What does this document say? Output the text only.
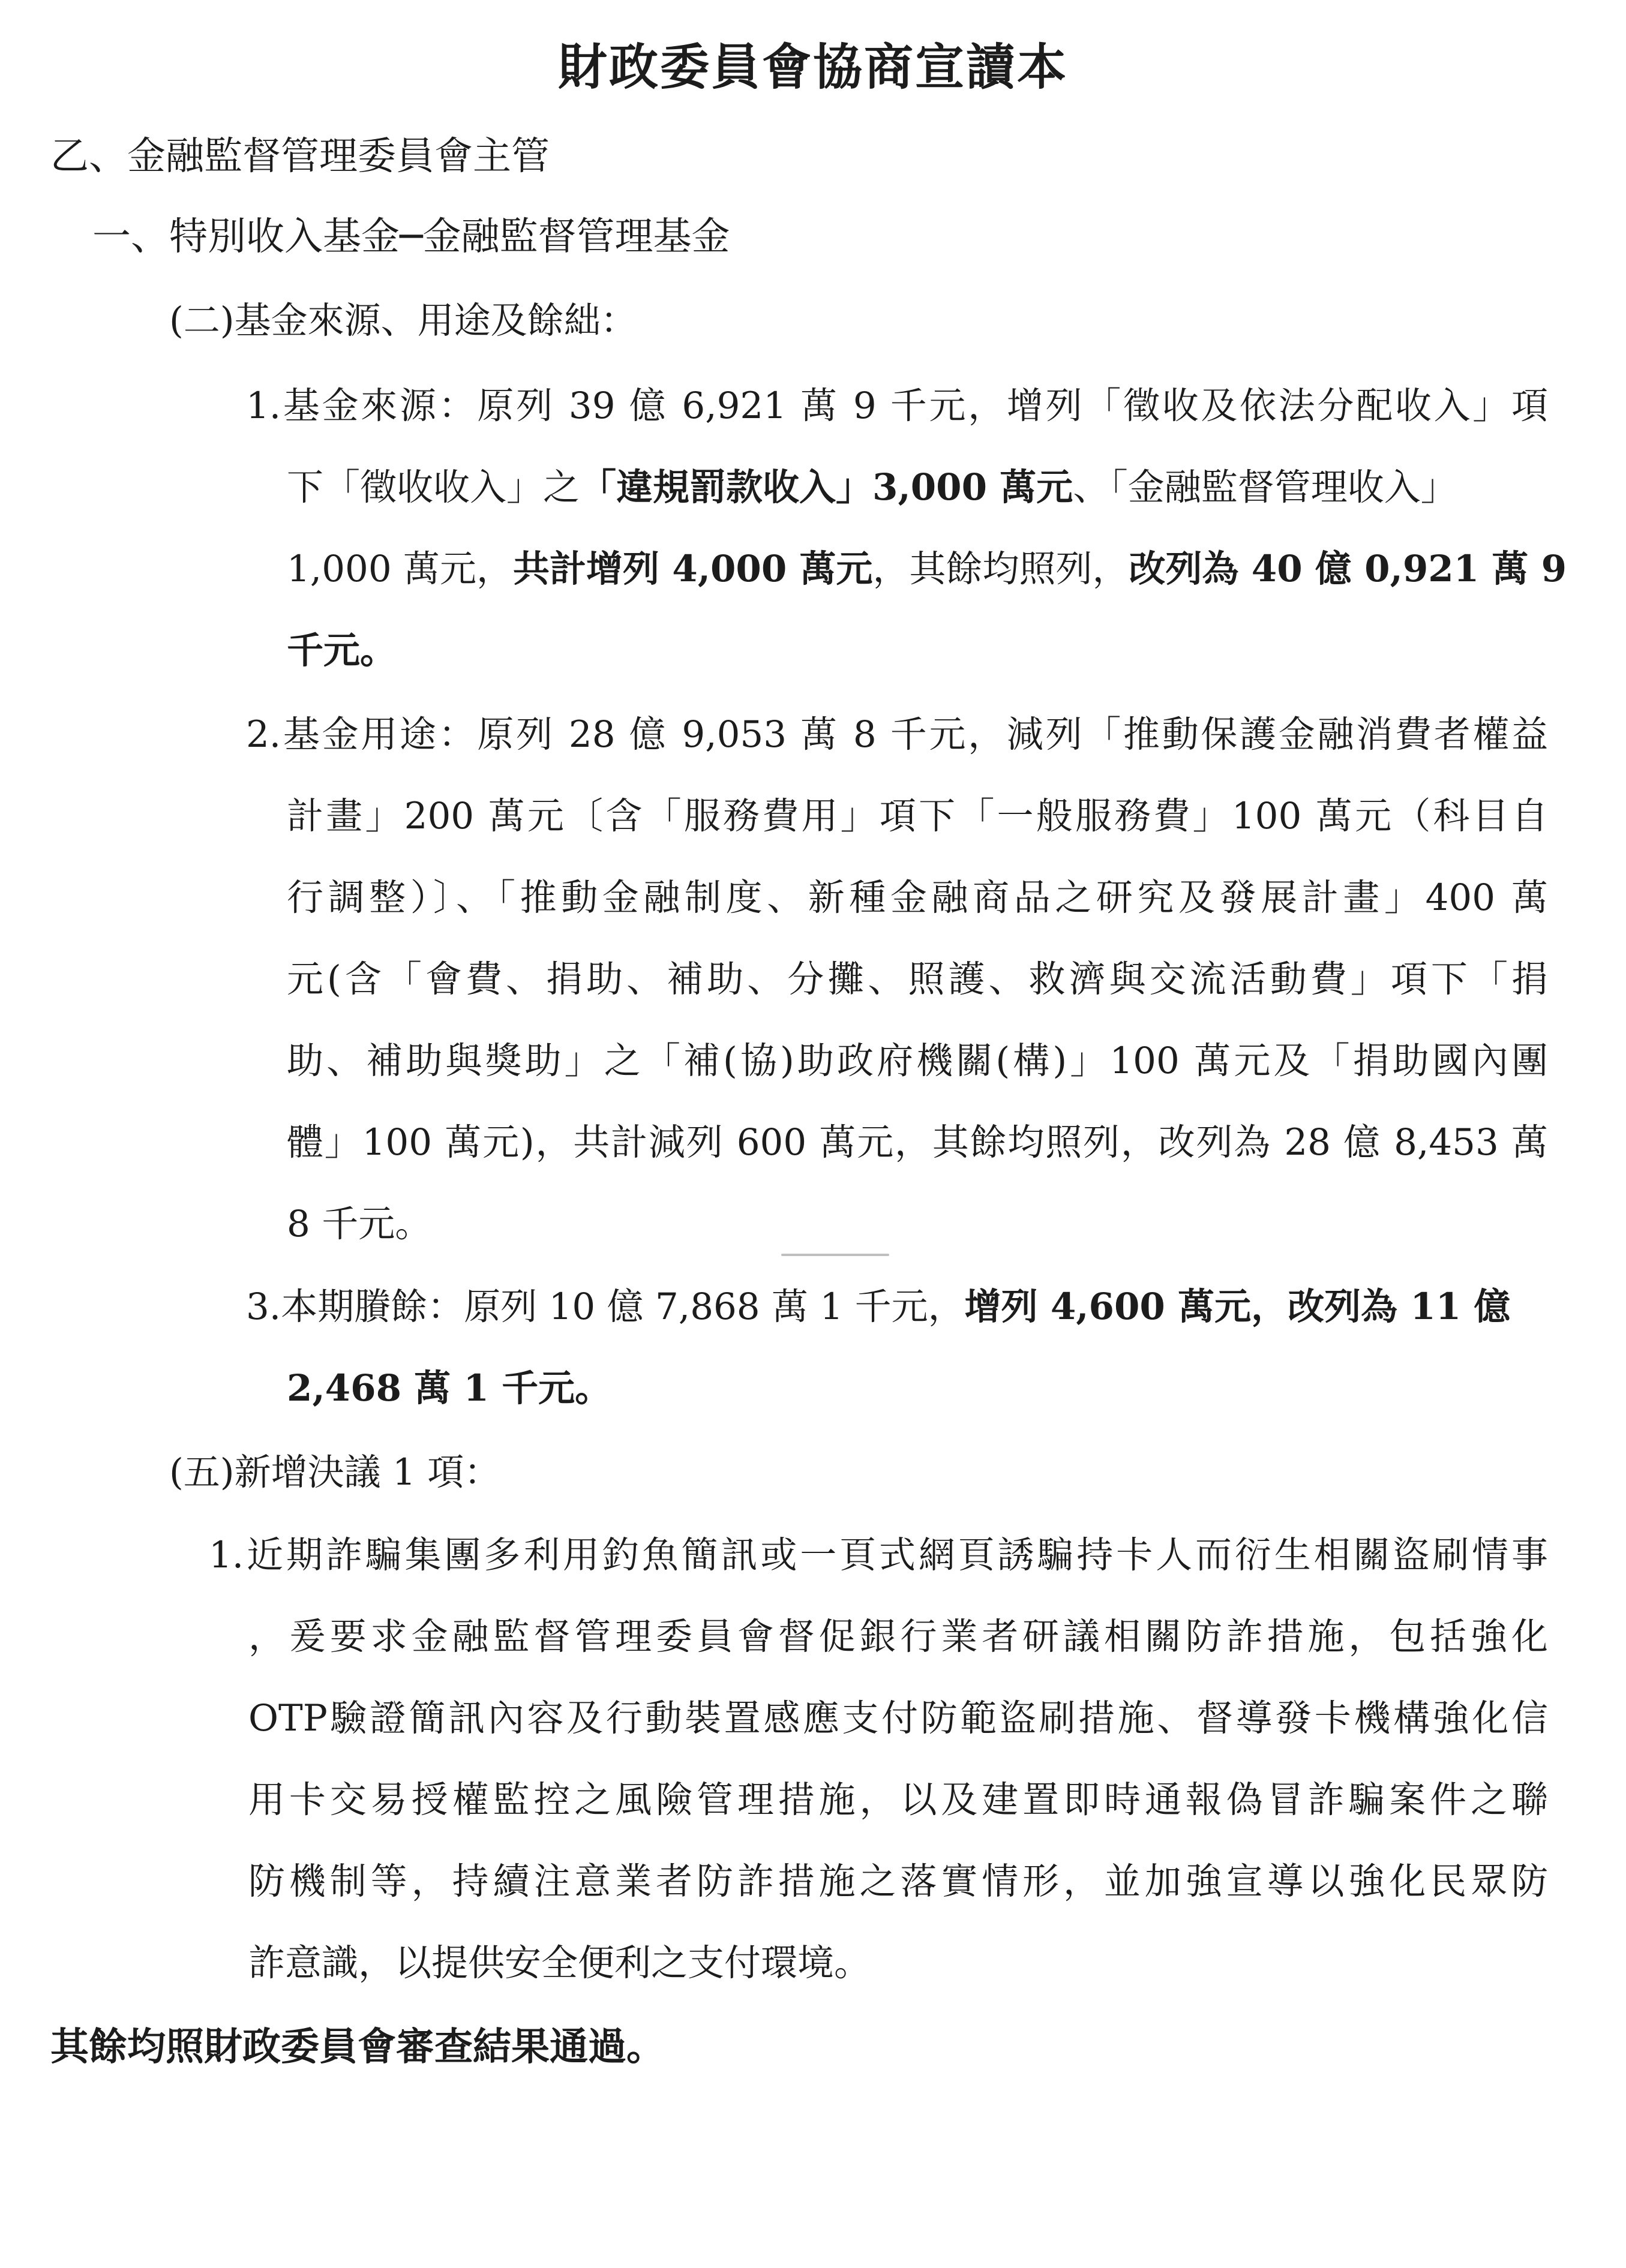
財政委員會協商宣讀本
乙、金融監督管理委員會主管
一、特別收入基金─金融監督管理基金
(二)基金來源、用途及餘絀：
1.基金來源：原列 39 億 6,921 萬 9 千元，增列「徵收及依法分配收入」項
下「徵收收入」之「違規罰款收入」3,000 萬元、「金融監督管理收入」
1,000 萬元，共計增列 4,000 萬元，其餘均照列，改列為 40 億 0,921 萬 9
千元。
2.基金用途：原列 28 億 9,053 萬 8 千元，減列「推動保護金融消費者權益
計畫」200 萬元〔含「服務費用」項下「一般服務費」100 萬元（科目自
行調整）〕、「推動金融制度、新種金融商品之研究及發展計畫」400 萬
元(含「會費、捐助、補助、分攤、照護、救濟與交流活動費」項下「捐
助、補助與獎助」之「補(協)助政府機關(構)」100 萬元及「捐助國內團
體」100 萬元)，共計減列 600 萬元，其餘均照列，改列為 28 億 8,453 萬
8 千元。
3.本期賸餘：原列 10 億 7,868 萬 1 千元，增列 4,600 萬元，改列為 11 億
2,468 萬 1 千元。
(五)新增決議 1 項：
1.近期詐騙集團多利用釣魚簡訊或一頁式網頁誘騙持卡人而衍生相關盜刷情事
，爰要求金融監督管理委員會督促銀行業者研議相關防詐措施，包括強化
OTP驗證簡訊內容及行動裝置感應支付防範盜刷措施、督導發卡機構強化信
用卡交易授權監控之風險管理措施，以及建置即時通報偽冒詐騙案件之聯
防機制等，持續注意業者防詐措施之落實情形，並加強宣導以強化民眾防
詐意識，以提供安全便利之支付環境。
其餘均照財政委員會審查結果通過。
